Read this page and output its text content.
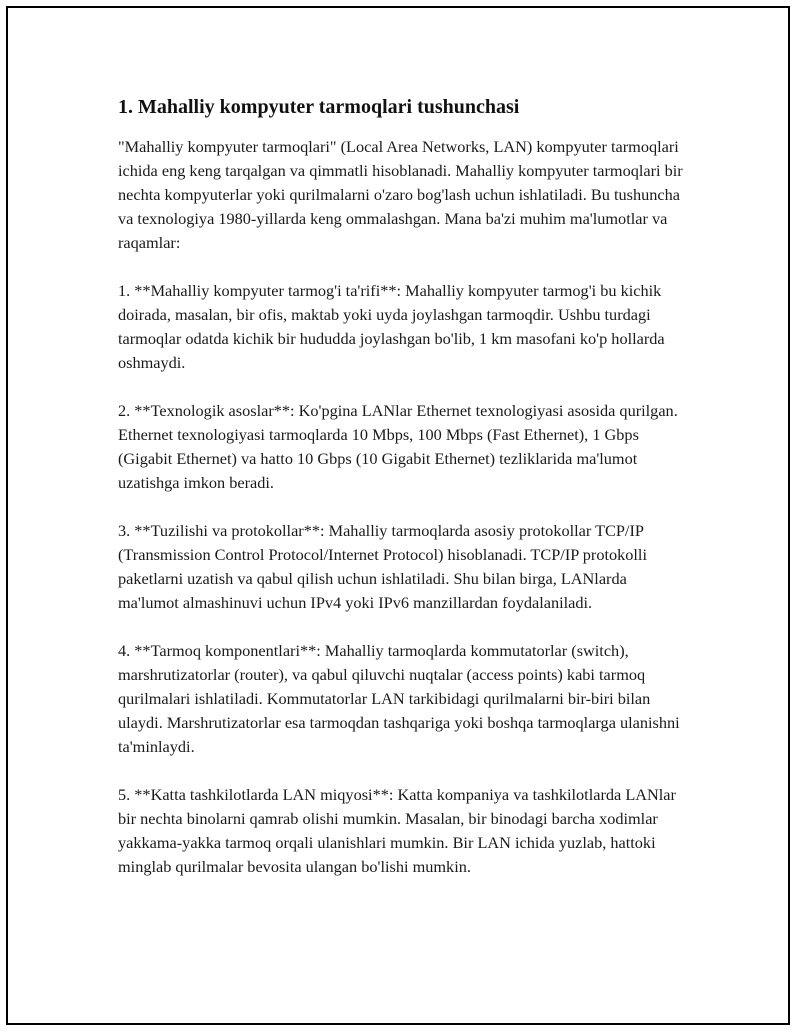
1. Mahalliy kompyuter tarmoqlari tushunchasi

"Mahalliy kompyuter tarmoqlari" (Local Area Networks, LAN) kompyuter tarmoqlari ichida eng keng tarqalgan va qimmatli hisoblanadi. Mahalliy kompyuter tarmoqlari bir nechta kompyuterlar yoki qurilmalarni o'zaro bog'lash uchun ishlatiladi. Bu tushuncha va texnologiya 1980-yillarda keng ommalashgan. Mana ba'zi muhim ma'lumotlar va raqamlar:

1. **Mahalliy kompyuter tarmog'i ta'rifi**: Mahalliy kompyuter tarmog'i bu kichik doirada, masalan, bir ofis, maktab yoki uyda joylashgan tarmoqdir. Ushbu turdagi tarmoqlar odatda kichik bir hududda joylashgan bo'lib, 1 km masofani ko'p hollarda oshmaydi.

2. **Texnologik asoslar**: Ko'pgina LANlar Ethernet texnologiyasi asosida qurilgan. Ethernet texnologiyasi tarmoqlarda 10 Mbps, 100 Mbps (Fast Ethernet), 1 Gbps (Gigabit Ethernet) va hatto 10 Gbps (10 Gigabit Ethernet) tezliklarida ma'lumot uzatishga imkon beradi.

3. **Tuzilishi va protokollar**: Mahalliy tarmoqlarda asosiy protokollar TCP/IP (Transmission Control Protocol/Internet Protocol) hisoblanadi. TCP/IP protokolli paketlarni uzatish va qabul qilish uchun ishlatiladi. Shu bilan birga, LANlarda ma'lumot almashinuvi uchun IPv4 yoki IPv6 manzillardan foydalaniladi.

4. **Tarmoq komponentlari**: Mahalliy tarmoqlarda kommutatorlar (switch), marshrutizatorlar (router), va qabul qiluvchi nuqtalar (access points) kabi tarmoq qurilmalari ishlatiladi. Kommutatorlar LAN tarkibidagi qurilmalarni bir-biri bilan ulaydi. Marshrutizatorlar esa tarmoqdan tashqariga yoki boshqa tarmoqlarga ulanishni ta'minlaydi.

5. **Katta tashkilotlarda LAN miqyosi**: Katta kompaniya va tashkilotlarda LANlar bir nechta binolarni qamrab olishi mumkin. Masalan, bir binodagi barcha xodimlar yakkama-yakka tarmoq orqali ulanishlari mumkin. Bir LAN ichida yuzlab, hattoki minglab qurilmalar bevosita ulangan bo'lishi mumkin.
